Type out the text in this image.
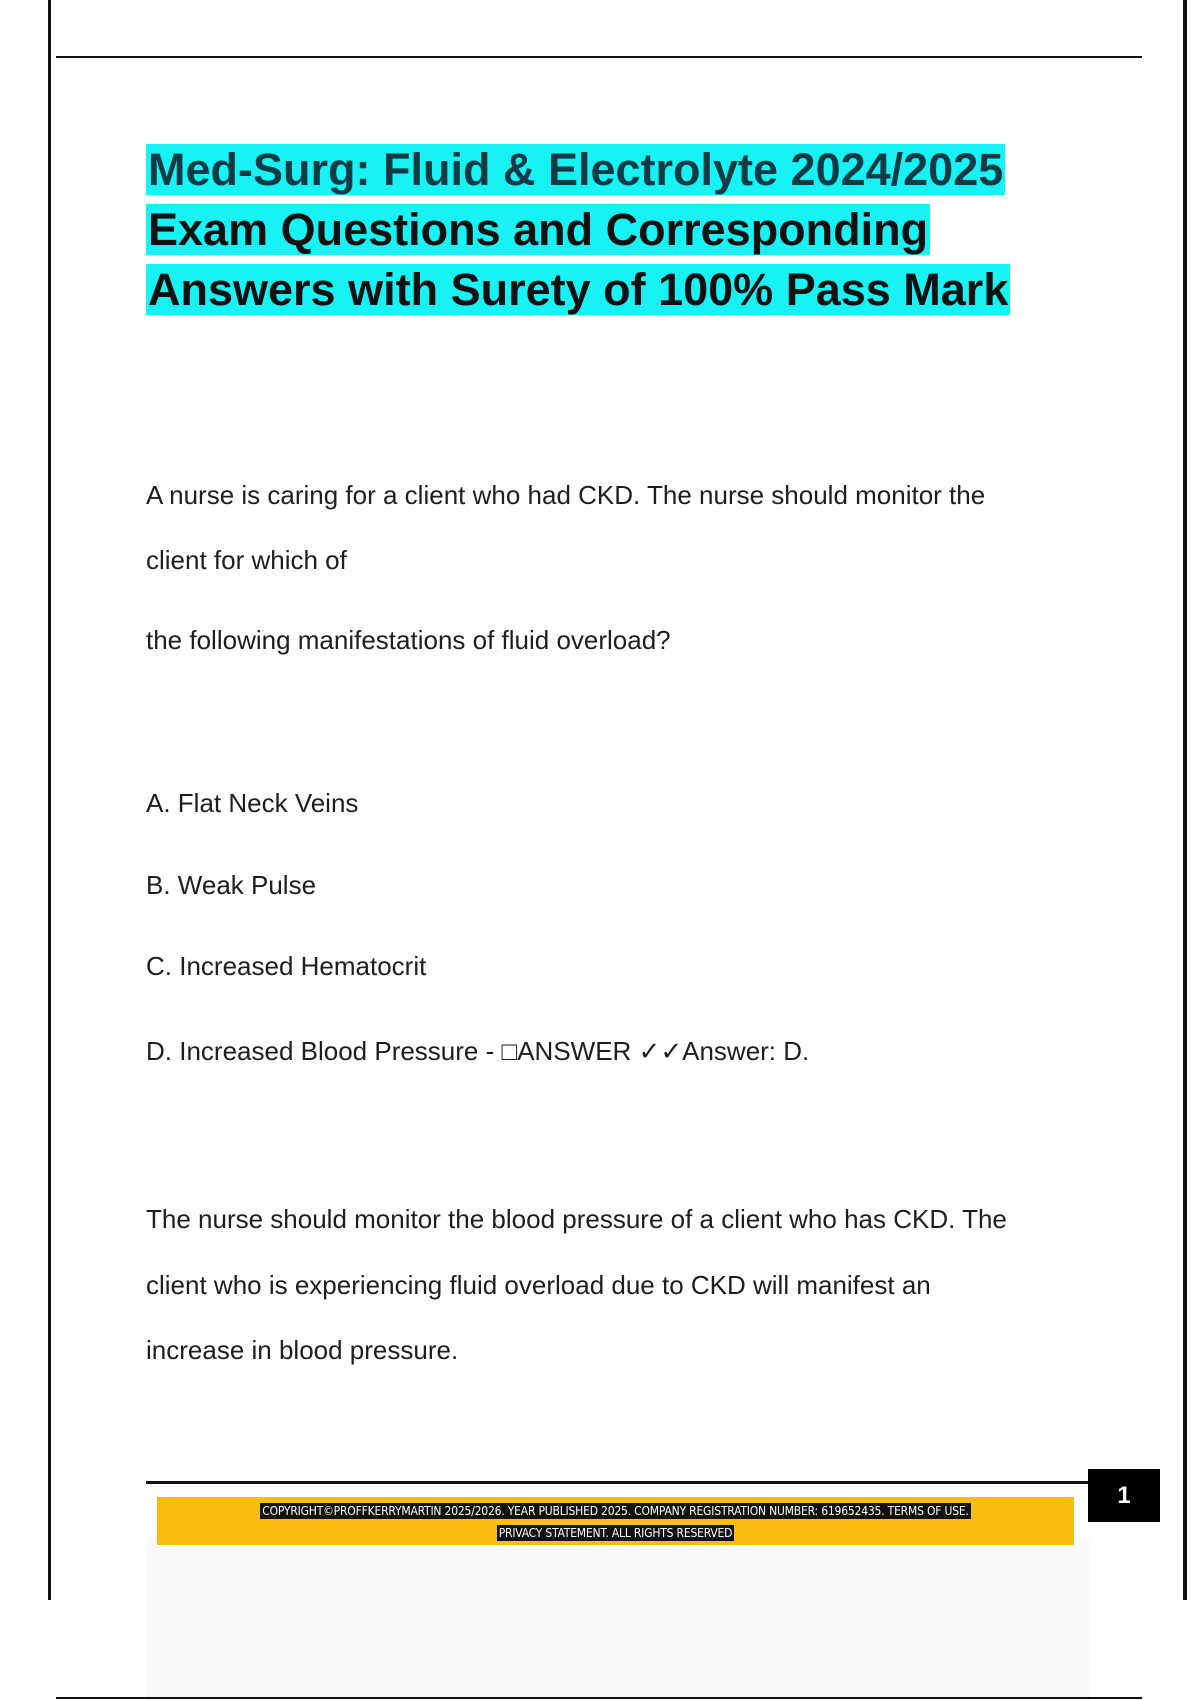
Med-Surg: Fluid & Electrolyte 2024/2025
Exam Questions and Corresponding
Answers with Surety of 100% Pass Mark

A nurse is caring for a client who had CKD. The nurse should monitor the

client for which of

the following manifestations of fluid overload?

A. Flat Neck Veins

B. Weak Pulse

C. Increased Hematocrit

D. Increased Blood Pressure - □ANSWER ✓✓Answer: D.

The nurse should monitor the blood pressure of a client who has CKD. The

client who is experiencing fluid overload due to CKD will manifest an

increase in blood pressure.

COPYRIGHT©PROFFKERRYMARTIN 2025/2026. YEAR PUBLISHED 2025. COMPANY REGISTRATION NUMBER: 619652435. TERMS OF USE.
PRIVACY STATEMENT. ALL RIGHTS RESERVED
1
